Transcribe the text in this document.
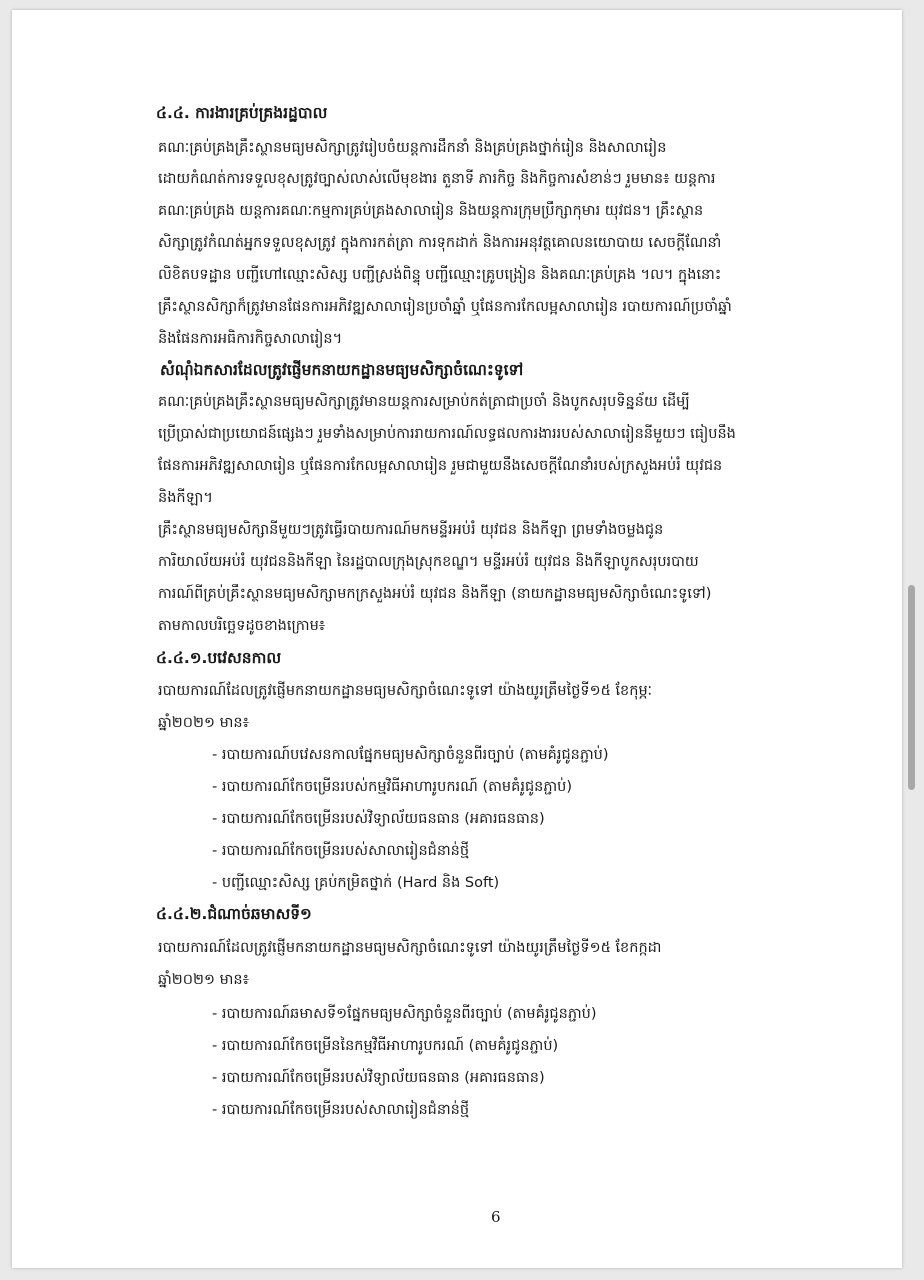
៤.៤. ការងារគ្រប់គ្រងរដ្ឋបាល
គណៈគ្រប់គ្រងគ្រឹះស្ថានមធ្យមសិក្សាត្រូវរៀបចំយន្តការដឹកនាំ និងគ្រប់គ្រងថ្នាក់រៀន និងសាលារៀន
ដោយកំណត់ការទទួលខុសត្រូវច្បាស់លាស់លើមុខងារ តួនាទី ភារកិច្ច និងកិច្ចការសំខាន់ៗ រួមមាន៖ យន្តការ
គណៈគ្រប់គ្រង យន្តការគណៈកម្មការគ្រប់គ្រងសាលារៀន និងយន្តការក្រុមប្រឹក្សាកុមារ យុវជន។ គ្រឹះស្ថាន
សិក្សាត្រូវកំណត់អ្នកទទួលខុសត្រូវ ក្នុងការកត់ត្រា ការទុកដាក់ និងការអនុវត្តគោលនយោបាយ សេចក្ដីណែនាំ
លិខិតបទដ្ឋាន បញ្ជីហៅឈ្មោះសិស្ស បញ្ជីស្រង់ពិន្ទុ បញ្ជីឈ្មោះគ្រូបង្រៀន និងគណៈគ្រប់គ្រង ។ល។ ក្នុងនោះ
គ្រឹះស្ថានសិក្សាក៏ត្រូវមានផែនការអភិវឌ្ឍសាលារៀនប្រចាំឆ្នាំ ឬផែនការកែលម្អសាលារៀន របាយការណ៍ប្រចាំឆ្នាំ
និងផែនការអធិការកិច្ចសាលារៀន។
សំណុំឯកសារដែលត្រូវផ្ញើមកនាយកដ្ឋានមធ្យមសិក្សាចំណេះទូទៅ
គណៈគ្រប់គ្រងគ្រឹះស្ថានមធ្យមសិក្សាត្រូវមានយន្តការសម្រាប់កត់ត្រាជាប្រចាំ និងបូកសរុបទិន្នន័យ ដើម្បី
ប្រើប្រាស់ជាប្រយោជន៍ផ្សេងៗ រួមទាំងសម្រាប់ការរាយការណ៍លទ្ធផលការងាររបស់សាលារៀននីមួយៗ ធៀបនឹង
ផែនការអភិវឌ្ឍសាលារៀន ឬផែនការកែលម្អសាលារៀន រួមជាមួយនឹងសេចក្ដីណែនាំរបស់ក្រសួងអប់រំ យុវជន
និងកីឡា។
គ្រឹះស្ថានមធ្យមសិក្សានីមួយៗត្រូវធ្វើរបាយការណ៍មកមន្ទីរអប់រំ យុវជន និងកីឡា ព្រមទាំងចម្លងជូន
ការិយាល័យអប់រំ យុវជននិងកីឡា នៃរដ្ឋបាលក្រុងស្រុកខណ្ឌ។ មន្ទីរអប់រំ យុវជន និងកីឡាបូកសរុបរបាយ
ការណ៍ពីគ្រប់គ្រឹះស្ថានមធ្យមសិក្សាមកក្រសួងអប់រំ យុវជន និងកីឡា (នាយកដ្ឋានមធ្យមសិក្សាចំណេះទូទៅ)
តាមកាលបរិច្ឆេទដូចខាងក្រោម៖
៤.៤.១.បវេសនកាល
របាយការណ៍ដែលត្រូវផ្ញើមកនាយកដ្ឋានមធ្យមសិក្សាចំណេះទូទៅ យ៉ាងយូរត្រឹមថ្ងៃទី១៥ ខែកុម្ភៈ
ឆ្នាំ២០២១ មាន៖
- របាយការណ៍បវេសនកាលផ្នែកមធ្យមសិក្សាចំនួនពីរច្បាប់ (តាមគំរូជូនភ្ជាប់)
- របាយការណ៍កែចម្រើនរបស់កម្មវិធីអាហារូបករណ៍ (តាមគំរូជូនភ្ជាប់)
- របាយការណ៍កែចម្រើនរបស់វិទ្យាល័យធនធាន (អគារធនធាន)
- របាយការណ៍កែចម្រើនរបស់សាលារៀនជំនាន់ថ្មី
- បញ្ជីឈ្មោះសិស្ស គ្រប់កម្រិតថ្នាក់ (Hard និង Soft)
៤.៤.២.ជំណាច់ឆមាសទី១
របាយការណ៍ដែលត្រូវផ្ញើមកនាយកដ្ឋានមធ្យមសិក្សាចំណេះទូទៅ យ៉ាងយូរត្រឹមថ្ងៃទី១៥ ខែកក្កដា
ឆ្នាំ២០២១ មាន៖
- របាយការណ៍ឆមាសទី១ផ្នែកមធ្យមសិក្សាចំនួនពីរច្បាប់ (តាមគំរូជូនភ្ជាប់)
- របាយការណ៍កែចម្រើននៃកម្មវិធីអាហារូបករណ៍ (តាមគំរូជូនភ្ជាប់)
- របាយការណ៍កែចម្រើនរបស់វិទ្យាល័យធនធាន (អគារធនធាន)
- របាយការណ៍កែចម្រើនរបស់សាលារៀនជំនាន់ថ្មី
6
